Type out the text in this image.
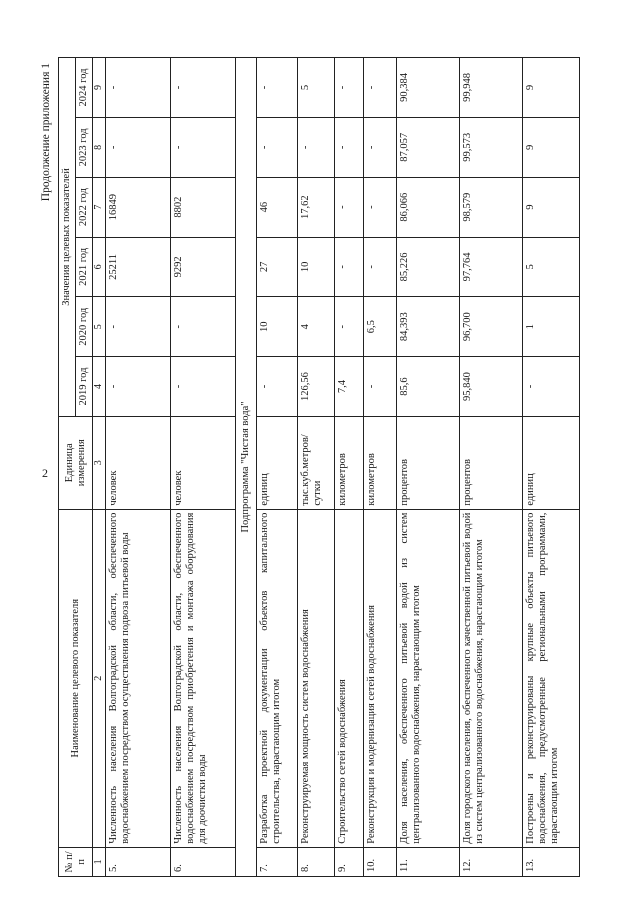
2
Продолжение приложения 1
№ п/п	Наименование целевого показателя	Единица измерения	Значения целевых показателей					
			2019 год	2020 год	2021 год	2022 год	2023 год	2024 год
1	2	3	4	5	6	7	8	9
5.	Численность населения Волгоградской области, обеспеченного водоснабжением посредством осуществления подвоза питьевой воды	человек	-	-	25211	16849	-	-
6.	Численность населения Волгоградской области, обеспеченного водоснабжением посредством приобретения и монтажа оборудования для доочистки воды	человек	-	-	9292	8802	-	-
Подпрограмма "Чистая вода"								
7.	Разработка проектной документации объектов капитального строительства, нарастающим итогом	единиц	-	10	27	46	-	-
8.	Реконструируемая мощность систем водоснабжения	тыс.куб.метров/сутки	126,56	4	10	17,62	-	5
9.	Строительство сетей водоснабжения	километров	7,4	-	-	-	-	-
10.	Реконструкция и модернизация сетей водоснабжения	километров	-	6,5	-	-	-	-
11.	Доля населения, обеспеченного питьевой водой из систем централизованного водоснабжения, нарастающим итогом	процентов	85,6	84,393	85,226	86,066	87,057	90,384
12.	Доля городского населения, обеспеченного качественной питьевой водой из систем централизованного водоснабжения, нарастающим итогом	процентов	95,840	96,700	97,764	98,579	99,573	99,948
13.	Построены и реконструированы крупные объекты питьевого водоснабжения, предусмотренные региональными программами, нарастающим итогом	единиц	-	1	5	9	9	9
